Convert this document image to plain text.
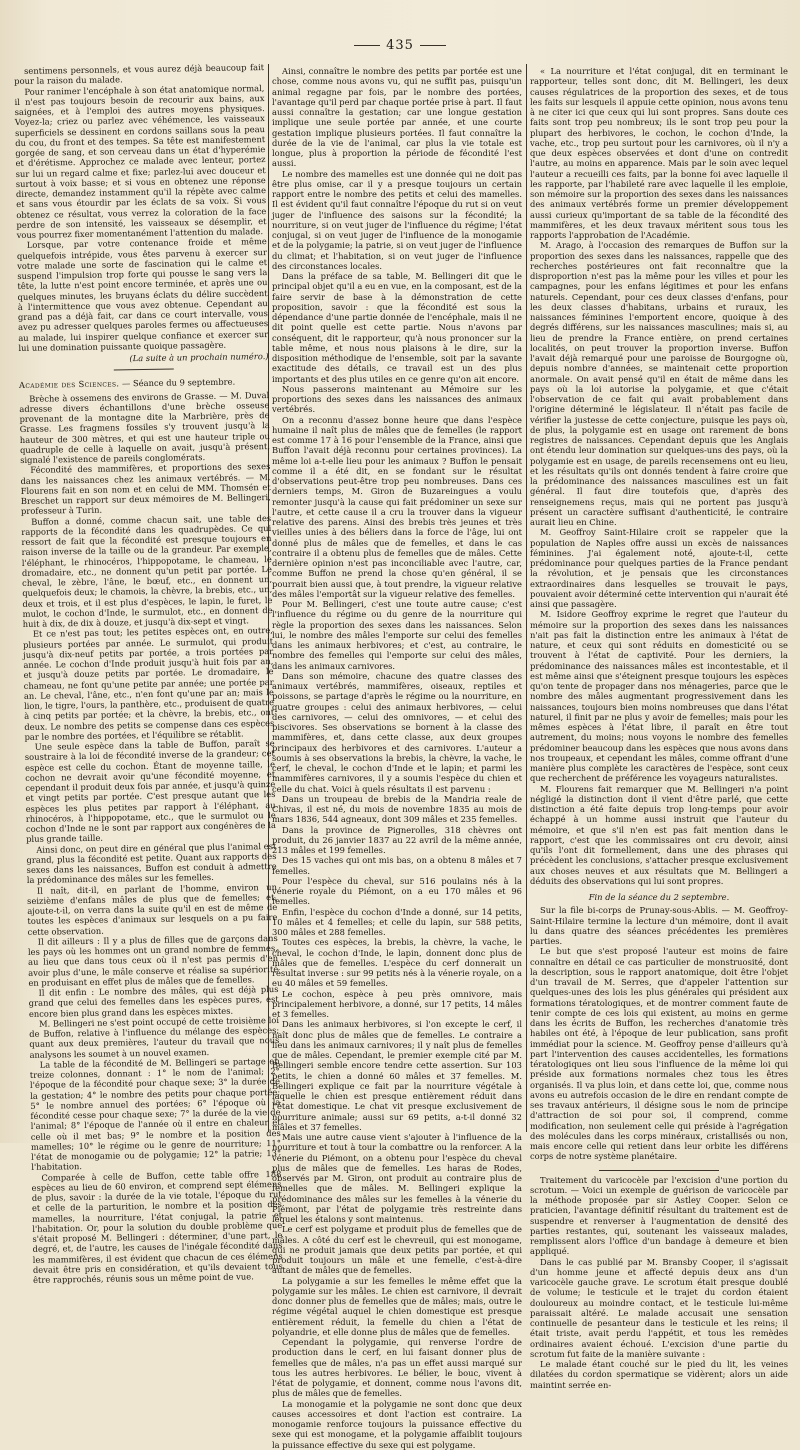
435

sentimens personnels, et vous aurez déjà beaucoup fait pour la raison du malade.

Pour ranimer l'encéphale à son état anatomique normal, il n'est pas toujours besoin de recourir aux bains, aux saignées, et à l'emploi des autres moyens physiques. Voyez-la; criez ou parlez avec véhémence, les vaisseaux superficiels se dessinent en cordons saillans sous la peau du cou, du front et des tempes. Sa tête est manifestement gorgée de sang, et son cerveau dans un état d'hyperémie et d'érétisme. Approchez ce malade avec lenteur, portez sur lui un regard calme et fixe; parlez-lui avec douceur et surtout à voix basse; et si vous en obtenez une réponse directe, demandez instamment qu'il la répète avec calme et sans vous étourdir par les éclats de sa voix. Si vous obtenez ce résultat, vous verrez la coloration de la face perdre de son intensité, les vaisseaux se désemplir, et vous pourrez fixer momentanément l'attention du malade.

Lorsque, par votre contenance froide et même quelquefois intrépide, vous êtes parvenu à exercer sur votre malade une sorte de fascination qui le calme et suspend l'impulsion trop forte qui pousse le sang vers la tête, la lutte n'est point encore terminée, et après une ou quelques minutes, les bruyans éclats du délire succèdent à l'intermittence que vous avez obtenue. Cependant au grand pas a déjà fait, car dans ce court intervalle, vous avez pu adresser quelques paroles fermes ou affectueuses au malade, lui inspirer quelque confiance et exercer sur lui une domination puissante quoique passagère.

(La suite à un prochain numéro.)

Académie des Sciences. — Séance du 9 septembre.

Brèche à ossemens des environs de Grasse. — M. Duval adresse divers échantillons d'une brèche osseuse provenant de la montagne dite la Marbrière, près de Grasse. Les fragmens fossiles s'y trouvent jusqu'à la hauteur de 300 mètres, et qui est une hauteur triple ou quadruple de celle à laquelle on avait, jusqu'à présent, signalé l'existence de pareils conglomérats.

Fécondité des mammifères, et proportions des sexes dans les naissances chez les animaux vertébrés. — M. Flourens fait en son nom et en celui de MM. Thomsén et Breschet un rapport sur deux mémoires de M. Bellingeri, professeur à Turin.

Buffon a donné, comme chacun sait, une table des rapports de la fécondité dans les quadrupèdes. Ce qui ressort de fait que la fécondité est presque toujours en raison inverse de la taille ou de la grandeur. Par exemple, l'éléphant, le rhinocéros, l'hippopotame, le chameau, le dromadaire, etc., ne donnent qu'un petit par portée. Le cheval, le zèbre, l'âne, le bœuf, etc., en donnent un, quelquefois deux; le chamois, la chèvre, la brebis, etc., un, deux et trois, et il est plus d'espèces, le lapin, le furet, le mulot, le cochon d'Inde, le surmulot, etc., en donnent de huit à dix, de dix à douze, et jusqu'à dix-sept et vingt.

Et ce n'est pas tout; les petites espèces ont, en outre, plusieurs portées par année. Le surmulot, qui produit jusqu'à dix-neuf petits par portée, a trois portées par année. Le cochon d'Inde produit jusqu'à huit fois par an, et jusqu'à douze petits par portée. Le dromadaire, le chameau, ne font qu'une petite par année; une portée par an. Le cheval, l'âne, etc., n'en font qu'une par an; mais le lion, le tigre, l'ours, la panthère, etc., produisent de quatre à cinq petits par portée; et la chèvre, la brebis, etc., ont deux. Le nombre des petits se compense dans ces espèces par le nombre des portées, et l'équilibre se rétablit.

Une seule espèce dans la table de Buffon, paraît se soustraire à la loi de fécondité inverse de la grandeur; cet espèce est celle du cochon. Étant de moyenne taille, le cochon ne devrait avoir qu'une fécondité moyenne, et cependant il produit deux fois par année, et jusqu'à quinze et vingt petits par portée. C'est presque autant que les espèces les plus petites par rapport à l'éléphant, au rhinocéros, à l'hippopotame, etc., que le surmulot ou le cochon d'Inde ne le sont par rapport aux congénères de la plus grande taille.

Ainsi donc, on peut dire en général que plus l'animal est grand, plus la fécondité est petite. Quant aux rapports des sexes dans les naissances, Buffon est conduit à admettre la prédominance des mâles sur les femelles.

Il naît, dit-il, en parlant de l'homme, environ un seizième d'enfans mâles de plus que de femelles; et, ajoute-t-il, on verra dans la suite qu'il en est de même de toutes les espèces d'animaux sur lesquels on a pu faire cette observation.

Il dit ailleurs : Il y a plus de filles que de garçons dans les pays où les hommes ont un grand nombre de femmes, au lieu que dans tous ceux où il n'est pas permis d'en avoir plus d'une, le mâle conserve et réalise sa supériorité en produisant en effet plus de mâles que de femelles.

Il dit enfin : Le nombre des mâles, qui est déjà plus grand que celui des femelles dans les espèces pures, est encore bien plus grand dans les espèces mixtes.

M. Bellingeri ne s'est point occupé de cette troisième loi de Buffon, relative à l'influence du mélange des espèces; quant aux deux premières, l'auteur du travail que nous analysons les soumet à un nouvel examen.

La table de la fécondité de M. Bellingeri se partage en treize colonnes, donnant : 1° le nom de l'animal; 2° l'époque de la fécondité pour chaque sexe; 3° la durée de la gestation; 4° le nombre des petits pour chaque portée; 5° le nombre annuel des portées; 6° l'époque où la fécondité cesse pour chaque sexe; 7° la durée de la vie de l'animal; 8° l'époque de l'année où il entre en chaleur et celle où il met bas; 9° le nombre et la position des mamelles; 10° le régime ou le genre de nourriture; 11° l'état de monogamie ou de polygamie; 12° la patrie; 13° l'habitation.

Comparée à celle de Buffon, cette table offre 188 espèces au lieu de 60 environ, et comprend sept élémens de plus, savoir : la durée de la vie totale, l'époque du rut et celle de la parturition, le nombre et la position des mamelles, la nourriture, l'état conjugal, la patrie et l'habitation. Or, pour la solution du double problème que s'était proposé M. Bellingeri : déterminer, d'une part, le degré, et, de l'autre, les causes de l'inégale fécondité dans les mammifères, il est évident que chacun de ces élémens devait être pris en considération, et qu'ils devaient tous être rapprochés, réunis sous un même point de vue.

Ainsi, connaître le nombre des petits par portée est une chose, comme nous avons vu, qui ne suffit pas, puisqu'un animal regagne par fois, par le nombre des portées, l'avantage qu'il perd par chaque portée prise à part. Il faut aussi connaître la gestation; car une longue gestation implique une seule portée par année, et une courte gestation implique plusieurs portées. Il faut connaître la durée de la vie de l'animal, car plus la vie totale est longue, plus à proportion la période de fécondité l'est aussi.

Le nombre des mamelles est une donnée qui ne doit pas être plus omise, car il y a presque toujours un certain rapport entre le nombre des petits et celui des mamelles. Il est évident qu'il faut connaître l'époque du rut si on veut juger de l'influence des saisons sur la fécondité; la nourriture, si on veut juger de l'influence du régime; l'état conjugal, si on veut juger de l'influence de la monogamie et de la polygamie; la patrie, si on veut juger de l'influence du climat; et l'habitation, si on veut juger de l'influence des circonstances locales.

Dans la préface de sa table, M. Bellingeri dit que le principal objet qu'il a eu en vue, en la composant, est de la faire servir de base à la démonstration de cette proposition, savoir : que la fécondité est sous la dépendance d'une partie donnée de l'encéphale, mais il ne dit point quelle est cette partie. Nous n'avons par conséquent, dit le rapporteur, qu'à nous prononcer sur la table même, et nous nous plaisons à le dire, sur la disposition méthodique de l'ensemble, soit par la savante exactitude des détails, ce travail est un des plus importants et des plus utiles en ce genre qu'on ait encore.

Nous passerons maintenant au Mémoire sur les proportions des sexes dans les naissances des animaux vertébrés.

On a reconnu d'assez bonne heure que dans l'espèce humaine il naît plus de mâles que de femelles (le rapport est comme 17 à 16 pour l'ensemble de la France, ainsi que Buffon l'avait déjà reconnu pour certaines provinces). La même loi a-t-elle lieu pour les animaux ? Buffon le pensait comme il a été dit, en se fondant sur le résultat d'observations peut-être trop peu nombreuses. Dans ces derniers temps, M. Giron de Buzareingues a voulu remonter jusqu'à la cause qui fait prédominer un sexe sur l'autre, et cette cause il a cru la trouver dans la vigueur relative des parens. Ainsi des brebis très jeunes et très vieilles unies à des béliers dans la force de l'âge, lui ont donné plus de mâles que de femelles, et dans le cas contraire il a obtenu plus de femelles que de mâles. Cette dernière opinion n'est pas inconciliable avec l'autre, car, comme Buffon ne prend la chose qu'en général, il se pourrait bien aussi que, à tout prendre, la vigueur relative des mâles l'emportât sur la vigueur relative des femelles.

Pour M. Bellingeri, c'est une toute autre cause; c'est l'influence du régime ou du genre de la nourriture qui règle la proportion des sexes dans les naissances. Selon lui, le nombre des mâles l'emporte sur celui des femelles dans les animaux herbivores; et c'est, au contraire, le nombre des femelles qui l'emporte sur celui des mâles, dans les animaux carnivores.

Dans son mémoire, chacune des quatre classes des animaux vertébrés, mammifères, oiseaux, reptiles et poissons, se partage d'après le régime ou la nourriture, en quatre groupes : celui des animaux herbivores, — celui des carnivores, — celui des omnivores, — et celui des piscivores. Ses observations se bornent à la classe des mammifères, et, dans cette classe, aux deux groupes principaux des herbivores et des carnivores. L'auteur a soumis à ses observations la brebis, la chèvre, la vache, le cerf, le cheval, le cochon d'Inde et le lapin; et parmi les mammifères carnivores, il y a soumis l'espèce du chien et celle du chat. Voici à quels résultats il est parvenu :

Dans un troupeau de brebis de la Mandria reale de Chivas, il est né, du mois de novembre 1835 au mois de mars 1836, 544 agneaux, dont 309 mâles et 235 femelles.

Dans la province de Pignerolles, 318 chèvres ont produit, du 26 janvier 1837 au 22 avril de la même année, 213 mâles et 199 femelles.

Des 15 vaches qui ont mis bas, on a obtenu 8 mâles et 7 femelles.

Pour l'espèce du cheval, sur 516 poulains nés à la vénerie royale du Piémont, on a eu 170 mâles et 96 femelles.

Enfin, l'espèce du cochon d'Inde a donné, sur 14 petits, 10 mâles et 4 femelles; et celle du lapin, sur 588 petits, 300 mâles et 288 femelles.

Toutes ces espèces, la brebis, la chèvre, la vache, le cheval, le cochon d'Inde, le lapin, donnent donc plus de mâles que de femelles. L'espèce du cerf donnerait un résultat inverse : sur 99 petits nés à la vénerie royale, on a eu 40 mâles et 59 femelles.

Le cochon, espèce à peu près omnivore, mais principalement herbivore, a donné, sur 17 petits, 14 mâles et 3 femelles.

Dans les animaux herbivores, si l'on excepte le cerf, il naît donc plus de mâles que de femelles. Le contraire a lieu dans les animaux carnivores; il y naît plus de femelles que de mâles. Cependant, le premier exemple cité par M. Bellingeri semble encore tendre cette assertion. Sur 103 petits, le chien a donné 60 mâles et 37 femelles. M. Bellingeri explique ce fait par la nourriture végétale à laquelle le chien est presque entièrement réduit dans l'état domestique. Le chat vit presque exclusivement de nourriture animale; aussi sur 69 petits, a-t-il donné 32 mâles et 37 femelles.

Mais une autre cause vient s'ajouter à l'influence de la nourriture et tout à tour la combattre ou la renforcer. A la vénerie du Piémont, on a obtenu pour l'espèce du cheval plus de mâles que de femelles. Les haras de Rodes, observés par M. Giron, ont produit au contraire plus de femelles que de mâles. M. Bellingeri explique la prédominance des mâles sur les femelles à la vénerie du Piémont, par l'état de polygamie très restreinte dans lequel les étalons y sont maintenus.

Le cerf est polygame et produit plus de femelles que de mâles. A côté du cerf est le chevreuil, qui est monogame, qui ne produit jamais que deux petits par portée, et qui produit toujours un mâle et une femelle, c'est-à-dire autant de mâles que de femelles.

La polygamie a sur les femelles le même effet que la polygamie sur les mâles. Le chien est carnivore, il devrait donc donner plus de femelles que de mâles; mais, outre le régime végétal auquel le chien domestique est presque entièrement réduit, la femelle du chien a l'état de polyandrie, et elle donne plus de mâles que de femelles.

Cependant la polygamie, qui renverse l'ordre de production dans le cerf, en lui faisant donner plus de femelles que de mâles, n'a pas un effet aussi marqué sur tous les autres herbivores. Le bélier, le bouc, vivent à l'état de polygamie, et donnent, comme nous l'avons dit, plus de mâles que de femelles.

La monogamie et la polygamie ne sont donc que deux causes accessoires et dont l'action est contraire. La monogamie renforce toujours la puissance effective du sexe qui est monogame, et la polygamie affaiblit toujours la puissance effective du sexe qui est polygame.

« La nourriture et l'état conjugal, dit en terminant le rapporteur, telles sont donc, dit M. Bellingeri, les deux causes régulatrices de la proportion des sexes, et de tous les faits sur lesquels il appuie cette opinion, nous avons tenu à ne citer ici que ceux qui lui sont propres. Sans doute ces faits sont trop peu nombreux; ils le sont trop peu pour la plupart des herbivores, le cochon, le cochon d'Inde, la vache, etc., trop peu surtout pour les carnivores, où il n'y a que deux espèces observées et dont d'une on contredit l'autre, au moins en apparence. Mais par le soin avec lequel l'auteur a recueilli ces faits, par la bonne foi avec laquelle il les rapporte, par l'habileté rare avec laquelle il les emploie, son mémoire sur la proportion des sexes dans les naissances des animaux vertébrés forme un premier développement aussi curieux qu'important de sa table de la fécondité des mammifères, et les deux travaux méritent sous tous les rapports l'approbation de l'Académie.

M. Arago, à l'occasion des remarques de Buffon sur la proportion des sexes dans les naissances, rappelle que des recherches postérieures ont fait reconnaître que la disproportion n'est pas la même pour les villes et pour les campagnes, pour les enfans légitimes et pour les enfans naturels. Cependant, pour ces deux classes d'enfans, pour les deux classes d'habitans, urbains et ruraux, les naissances féminines l'emportent encore, quoique à des degrés différens, sur les naissances masculines; mais si, au lieu de prendre la France entière, on prend certaines localités, on peut trouver la proportion inverse. Buffon l'avait déjà remarqué pour une paroisse de Bourgogne où, depuis nombre d'années, se maintenait cette proportion anormale. On avait pensé qu'il en était de même dans les pays où la loi autorise la polygamie, et que c'était l'observation de ce fait qui avait probablement dans l'origine déterminé le législateur. Il n'était pas facile de vérifier la justesse de cette conjecture, puisque les pays où, de plus, la polygamie est en usage ont rarement de bons registres de naissances. Cependant depuis que les Anglais ont étendu leur domination sur quelques-uns des pays, où la polygamie est en usage, de pareils recensemens ont eu lieu, et les résultats qu'ils ont donnés tendent à faire croire que la prédominance des naissances masculines est un fait général. Il faut dire toutefois que, d'après des renseignemens reçus, mais qui ne portent pas jusqu'à présent un caractère suffisant d'authenticité, le contraire aurait lieu en Chine.

M. Geoffroy Saint-Hilaire croit se rappeler que la population de Naples offre aussi un excès de naissances féminines. J'ai également noté, ajoute-t-il, cette prédominance pour quelques parties de la France pendant la révolution, et je pensais que les circonstances extraordinaires dans lesquelles se trouvait le pays, pouvaient avoir déterminé cette intervention qui n'aurait été ainsi que passagère.

M. Isidore Geoffroy exprime le regret que l'auteur du mémoire sur la proportion des sexes dans les naissances n'ait pas fait la distinction entre les animaux à l'état de nature, et ceux qui sont réduits en domesticité ou se trouvent à l'état de captivité. Pour les derniers, la prédominance des naissances mâles est incontestable, et il est même ainsi que s'éteignent presque toujours les espèces qu'on tente de propager dans nos ménageries, parce que le nombre des mâles augmentant progressivement dans les naissances, toujours bien moins nombreuses que dans l'état naturel, il finit par ne plus y avoir de femelles; mais pour les mêmes espèces à l'état libre, il paraît en être tout autrement, du moins; nous voyons le nombre des femelles prédominer beaucoup dans les espèces que nous avons dans nos troupeaux, et cependant les mâles, comme offrant d'une manière plus complète les caractères de l'espèce, sont ceux que recherchent de préférence les voyageurs naturalistes.

M. Flourens fait remarquer que M. Bellingeri n'a point négligé la distinction dont il vient d'être parlé, que cette distinction a été faite depuis trop long-temps pour avoir échappé à un homme aussi instruit que l'auteur du mémoire, et que s'il n'en est pas fait mention dans le rapport, c'est que les commissaires ont cru devoir, ainsi qu'ils l'ont dit formellement, dans une des phrases qui précèdent les conclusions, s'attacher presque exclusivement aux choses neuves et aux résultats que M. Bellingeri a déduits des observations qui lui sont propres.

Fin de la séance du 2 septembre.

Sur la file bi-corps de Prunay-sous-Ablis. — M. Geoffroy-Saint-Hilaire termine la lecture d'un mémoire, dont il avait lu dans quatre des séances précédentes les premières parties.

Le but que s'est proposé l'auteur est moins de faire connaître en détail ce cas particulier de monstruosité, dont la description, sous le rapport anatomique, doit être l'objet d'un travail de M. Serres, que d'appeler l'attention sur quelques-unes des lois les plus générales qui président aux formations tératologiques, et de montrer comment faute de tenir compte de ces lois qui existent, au moins en germe dans les écrits de Buffon, les recherches d'anatomie très habiles ont été, à l'époque de leur publication, sans profit immédiat pour la science. M. Geoffroy pense d'ailleurs qu'à part l'intervention des causes accidentelles, les formations tératologiques ont lieu sous l'influence de la même loi qui préside aux formations normales chez tous les êtres organisés. Il va plus loin, et dans cette loi, que, comme nous avons eu autrefois occasion de le dire en rendant compte de ses travaux antérieurs, il désigne sous le nom de principe d'attraction de soi pour soi, il comprend, comme modification, non seulement celle qui préside à l'agrégation des molécules dans les corps minéraux, cristallisés ou non, mais encore celle qui retient dans leur orbite les différens corps de notre système planétaire.

Traitement du varicocèle par l'excision d'une portion du scrotum. — Voici un exemple de guérison de varicocèle par la méthode proposée par sir Astley Cooper. Selon ce praticien, l'avantage définitif résultant du traitement est de suspendre et renverser à l'augmentation de densité des parties restantes, qui, soutenant les vaisseaux malades, remplissent alors l'office d'un bandage à demeure et bien appliqué.

Dans le cas publié par M. Bransby Cooper, il s'agissait d'un homme jeune et affecté depuis deux ans d'un varicocèle gauche grave. Le scrotum était presque doublé de volume; le testicule et le trajet du cordon étaient douloureux au moindre contact, et le testicule lui-même paraissait altéré. Le malade accusait une sensation continuelle de pesanteur dans le testicule et les reins; il était triste, avait perdu l'appétit, et tous les remèdes ordinaires avaient échoué. L'excision d'une partie du scrotum fut faite de la manière suivante :

Le malade étant couché sur le pied du lit, les veines dilatées du cordon spermatique se vidèrent; alors un aide maintint serrée en-
